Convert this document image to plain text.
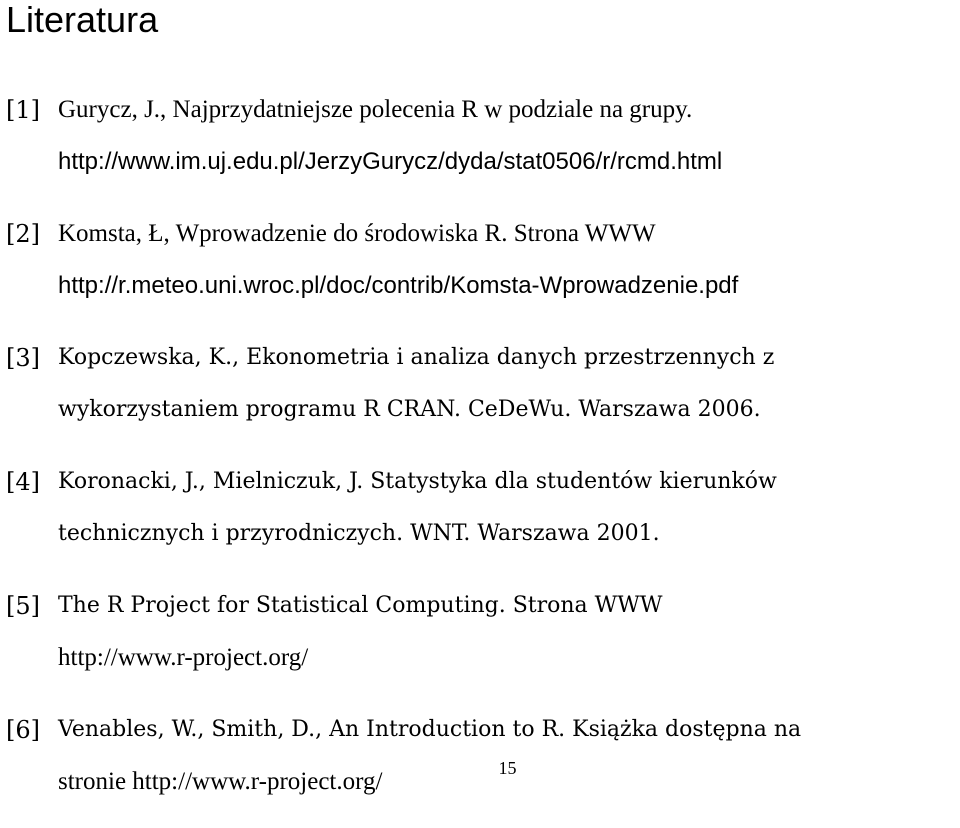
Literatura
[1] Gurycz, J., Najprzydatniejsze polecenia R w podziale na grupy.
http://www.im.uj.edu.pl/JerzyGurycz/dyda/stat0506/r/rcmd.html
[2] Komsta, Ł, Wprowadzenie do środowiska R. Strona WWW
http://r.meteo.uni.wroc.pl/doc/contrib/Komsta-Wprowadzenie.pdf
[3] Kopczewska, K., Ekonometria i analiza danych przestrzennych z
wykorzystaniem programu R CRAN. CeDeWu. Warszawa 2006.
[4] Koronacki, J., Mielniczuk, J. Statystyka dla studentów kierunków
technicznych i przyrodniczych. WNT. Warszawa 2001.
[5] The R Project for Statistical Computing. Strona WWW
http://www.r-project.org/
[6] Venables, W., Smith, D., An Introduction to R. Książka dostępna na
stronie http://www.r-project.org/	15
